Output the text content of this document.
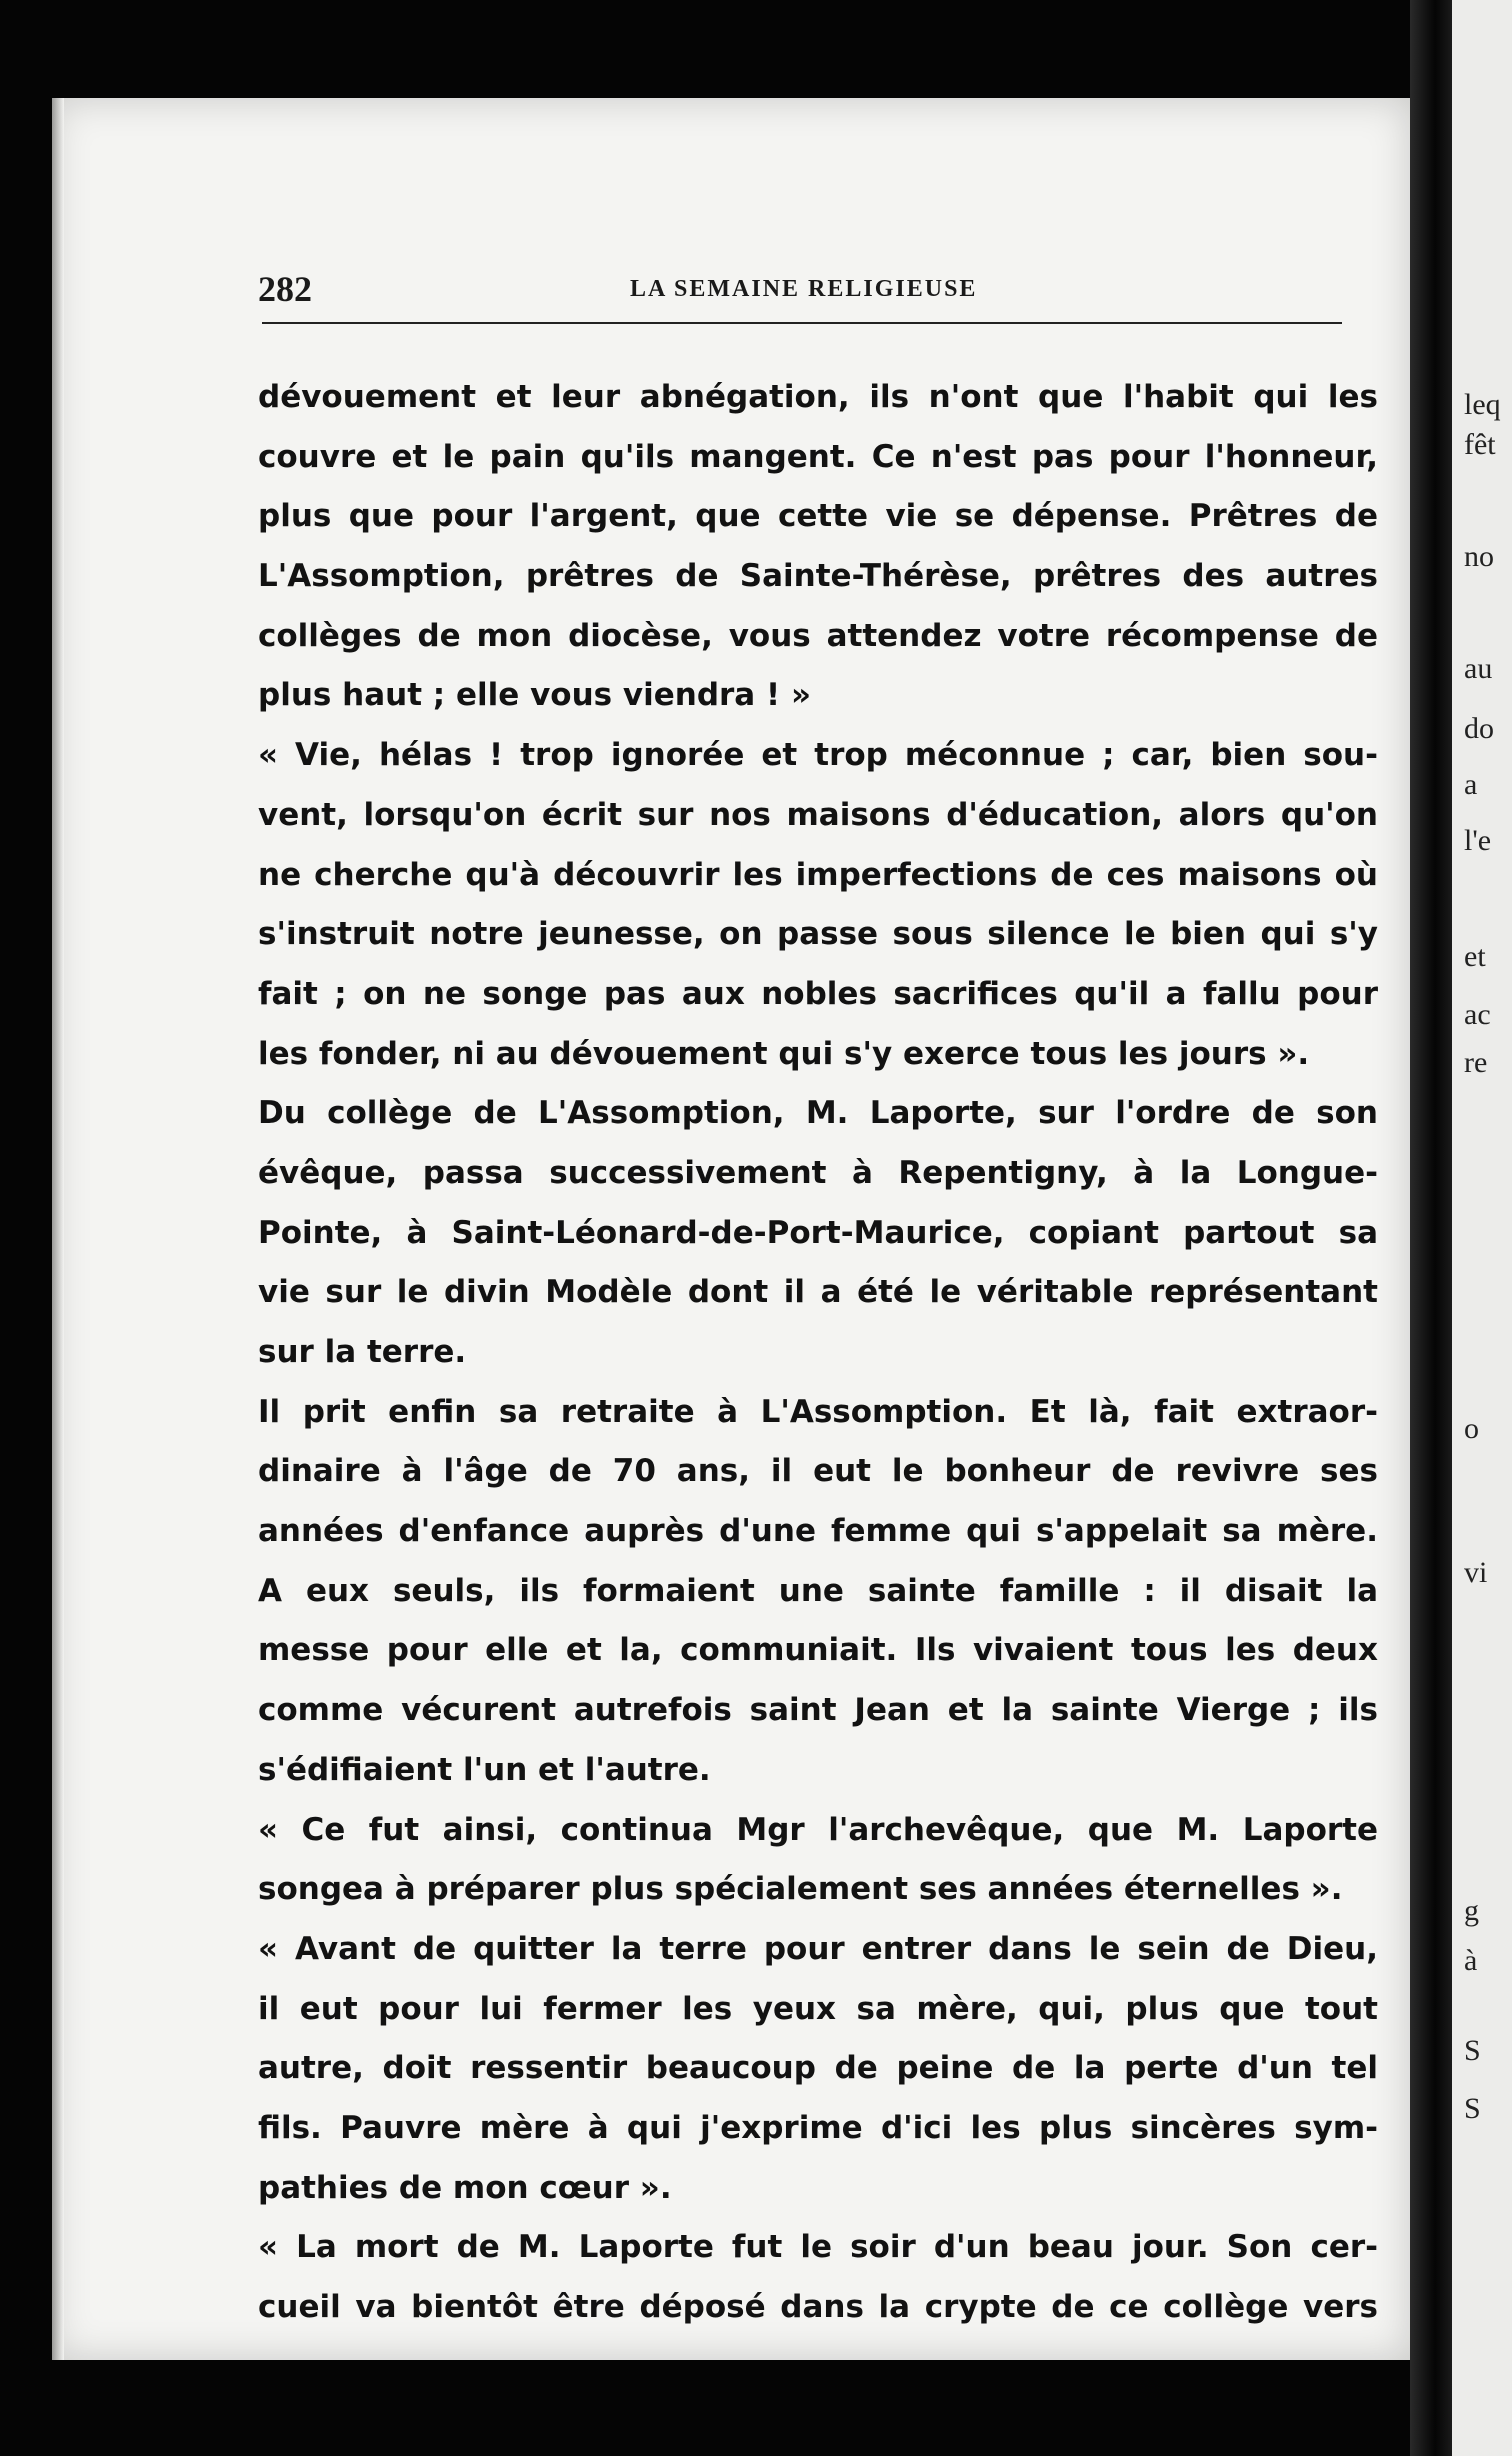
leq
fêt
no
au
do
a
l'e
et
ac
re
o
vi
g
à
S
S
282	LA SEMAINE RELIGIEUSE
dévouement et leur abnégation, ils n'ont que l'habit qui les
couvre et le pain qu'ils mangent. Ce n'est pas pour l'honneur,
plus que pour l'argent, que cette vie se dépense. Prêtres de
L'Assomption, prêtres de Sainte-Thérèse, prêtres des autres
collèges de mon diocèse, vous attendez votre récompense de
plus haut ; elle vous viendra ! »
« Vie, hélas ! trop ignorée et trop méconnue ; car, bien sou-
vent, lorsqu'on écrit sur nos maisons d'éducation, alors qu'on
ne cherche qu'à découvrir les imperfections de ces maisons où
s'instruit notre jeunesse, on passe sous silence le bien qui s'y
fait ; on ne songe pas aux nobles sacrifices qu'il a fallu pour
les fonder, ni au dévouement qui s'y exerce tous les jours ».
Du collège de L'Assomption, M. Laporte, sur l'ordre de son
évêque, passa successivement à Repentigny, à la Longue-
Pointe, à Saint-Léonard-de-Port-Maurice, copiant partout sa
vie sur le divin Modèle dont il a été le véritable représentant
sur la terre.
Il prit enfin sa retraite à L'Assomption. Et là, fait extraor-
dinaire à l'âge de 70 ans, il eut le bonheur de revivre ses
années d'enfance auprès d'une femme qui s'appelait sa mère.
A eux seuls, ils formaient une sainte famille : il disait la
messe pour elle et la, communiait. Ils vivaient tous les deux
comme vécurent autrefois saint Jean et la sainte Vierge ; ils
s'édifiaient l'un et l'autre.
« Ce fut ainsi, continua Mgr l'archevêque, que M. Laporte
songea à préparer plus spécialement ses années éternelles ».
« Avant de quitter la terre pour entrer dans le sein de Dieu,
il eut pour lui fermer les yeux sa mère, qui, plus que tout
autre, doit ressentir beaucoup de peine de la perte d'un tel
fils. Pauvre mère à qui j'exprime d'ici les plus sincères sym-
pathies de mon cœur ».
« La mort de M. Laporte fut le soir d'un beau jour. Son cer-
cueil va bientôt être déposé dans la crypte de ce collège vers
